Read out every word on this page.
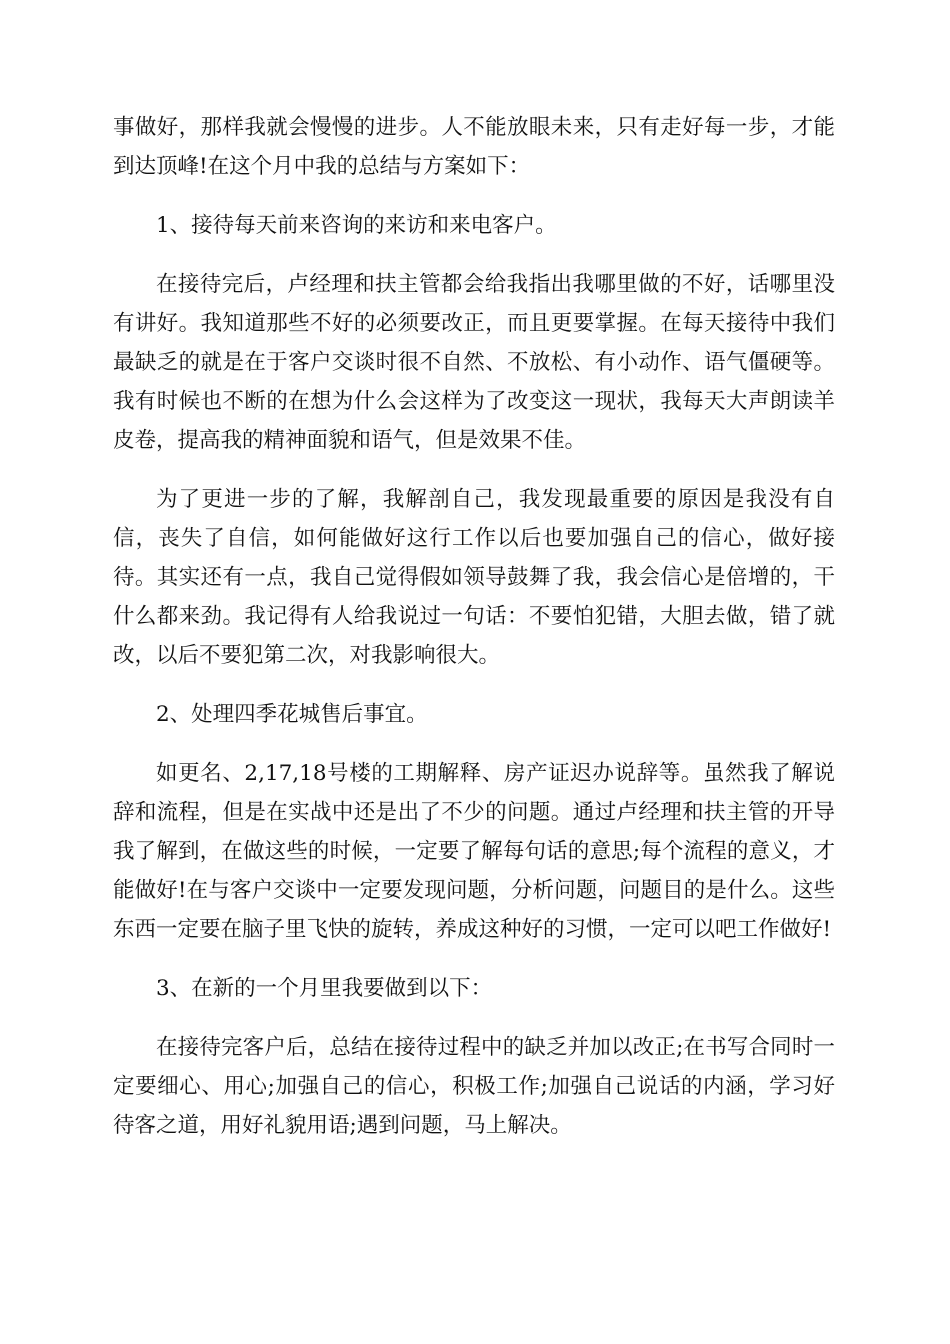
事做好，那样我就会慢慢的进步。人不能放眼未来，只有走好每一步，才能到达顶峰!在这个月中我的总结与方案如下：

1、接待每天前来咨询的来访和来电客户。

在接待完后，卢经理和扶主管都会给我指出我哪里做的不好，话哪里没有讲好。我知道那些不好的必须要改正，而且更要掌握。在每天接待中我们最缺乏的就是在于客户交谈时很不自然、不放松、有小动作、语气僵硬等。我有时候也不断的在想为什么会这样为了改变这一现状，我每天大声朗读羊皮卷，提高我的精神面貌和语气，但是效果不佳。

为了更进一步的了解，我解剖自己，我发现最重要的原因是我没有自信，丧失了自信，如何能做好这行工作以后也要加强自己的信心，做好接待。其实还有一点，我自己觉得假如领导鼓舞了我，我会信心是倍增的，干什么都来劲。我记得有人给我说过一句话：不要怕犯错，大胆去做，错了就改，以后不要犯第二次，对我影响很大。

2、处理四季花城售后事宜。

如更名、2,17,18号楼的工期解释、房产证迟办说辞等。虽然我了解说辞和流程，但是在实战中还是出了不少的问题。通过卢经理和扶主管的开导我了解到，在做这些的时候，一定要了解每句话的意思;每个流程的意义，才能做好!在与客户交谈中一定要发现问题，分析问题，问题目的是什么。这些东西一定要在脑子里飞快的旋转，养成这种好的习惯，一定可以吧工作做好!

3、在新的一个月里我要做到以下：

在接待完客户后，总结在接待过程中的缺乏并加以改正;在书写合同时一定要细心、用心;加强自己的信心，积极工作;加强自己说话的内涵，学习好待客之道，用好礼貌用语;遇到问题，马上解决。
